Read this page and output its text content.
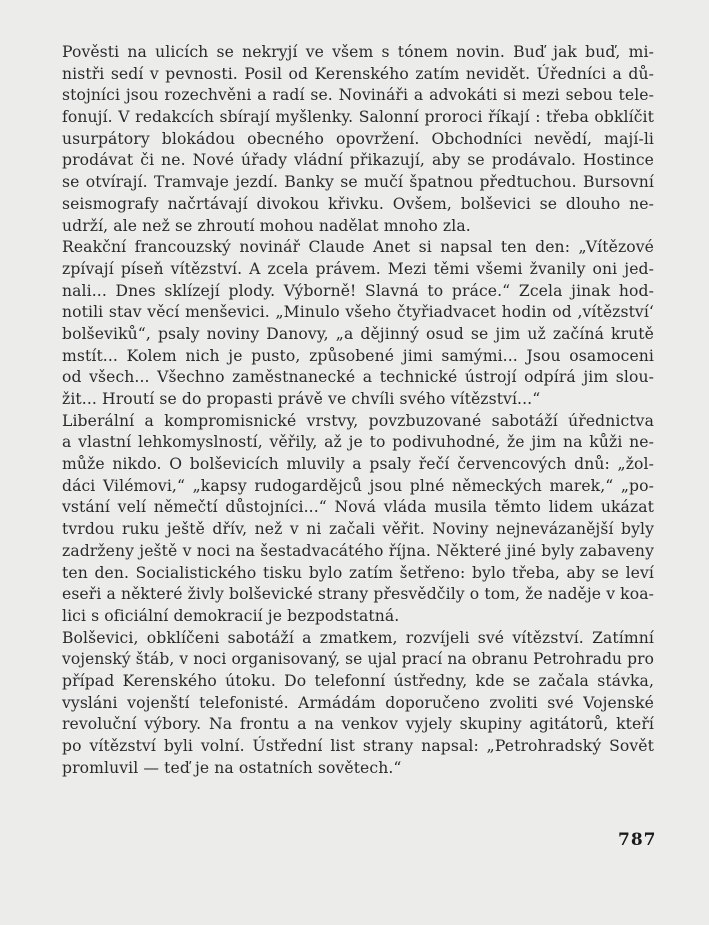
Pověsti na ulicích se nekryjí ve všem s tónem novin. Buď jak buď, mi-
nistři sedí v pevnosti. Posil od Kerenského zatím nevidět. Úředníci a dů-
stojníci jsou rozechvěni a radí se. Novináři a advokáti si mezi sebou tele-
fonují. V redakcích sbírají myšlenky. Salonní proroci říkají : třeba obklíčit
usurpátory blokádou obecného opovržení. Obchodníci nevědí, mají-li
prodávat či ne. Nové úřady vládní přikazují, aby se prodávalo. Hostince
se otvírají. Tramvaje jezdí. Banky se mučí špatnou předtuchou. Bursovní
seismografy načrtávají divokou křivku. Ovšem, bolševici se dlouho ne-
udrží, ale než se zhroutí mohou nadělat mnoho zla.
Reakční francouzský novinář Claude Anet si napsal ten den: „Vítězové
zpívají píseň vítězství. A zcela právem. Mezi těmi všemi žvanily oni jed-
nali... Dnes sklízejí plody. Výborně! Slavná to práce.“ Zcela jinak hod-
notili stav věcí menševici. „Minulo všeho čtyřiadvacet hodin od ‚vítězství‘
bolševiků“, psaly noviny Danovy, „a dějinný osud se jim už začíná krutě
mstít... Kolem nich je pusto, způsobené jimi samými... Jsou osamoceni
od všech... Všechno zaměstnanecké a technické ústrojí odpírá jim slou-
žit... Hroutí se do propasti právě ve chvíli svého vítězství...“
Liberální a kompromisnické vrstvy, povzbuzované sabotáží úřednictva
a vlastní lehkomyslností, věřily, až je to podivuhodné, že jim na kůži ne-
může nikdo. O bolševicích mluvily a psaly řečí červencových dnů: „žol-
dáci Vilémovi,“ „kapsy rudogardějců jsou plné německých marek,“ „po-
vstání velí němečtí důstojníci...“ Nová vláda musila těmto lidem ukázat
tvrdou ruku ještě dřív, než v ni začali věřit. Noviny nejnevázanější byly
zadrženy ještě v noci na šestadvacátého října. Některé jiné byly zabaveny
ten den. Socialistického tisku bylo zatím šetřeno: bylo třeba, aby se leví
eseři a některé živly bolševické strany přesvědčily o tom, že naděje v koa-
lici s oficiální demokracií je bezpodstatná.
Bolševici, obklíčeni sabotáží a zmatkem, rozvíjeli své vítězství. Zatímní
vojenský štáb, v noci organisovaný, se ujal prací na obranu Petrohradu pro
případ Kerenského útoku. Do telefonní ústředny, kde se začala stávka,
vysláni vojenští telefonisté. Armádám doporučeno zvoliti své Vojenské
revoluční výbory. Na frontu a na venkov vyjely skupiny agitátorů, kteří
po vítězství byli volní. Ústřední list strany napsal: „Petrohradský Sovět
promluvil — teď je na ostatních sovětech.“
787
